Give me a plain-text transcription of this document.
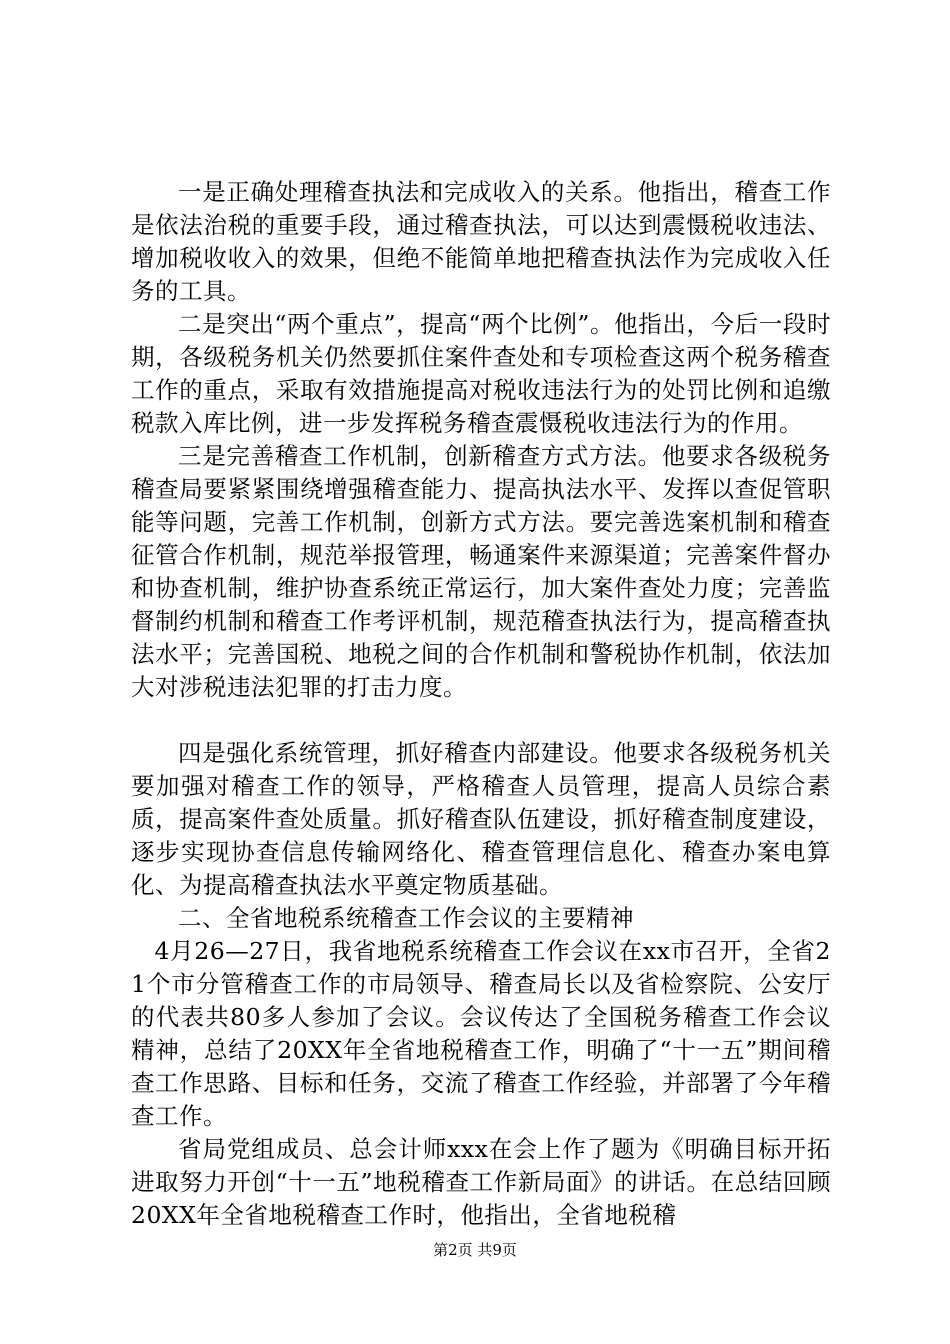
一是正确处理稽查执法和完成收入的关系。他指出，稽查工作是依法治税的重要手段，通过稽查执法，可以达到震慑税收违法、增加税收收入的效果，但绝不能简单地把稽查执法作为完成收入任务的工具。

二是突出“两个重点”，提高“两个比例”。他指出，今后一段时期，各级税务机关仍然要抓住案件查处和专项检查这两个税务稽查工作的重点，采取有效措施提高对税收违法行为的处罚比例和追缴税款入库比例，进一步发挥税务稽查震慑税收违法行为的作用。

三是完善稽查工作机制，创新稽查方式方法。他要求各级税务稽查局要紧紧围绕增强稽查能力、提高执法水平、发挥以查促管职能等问题，完善工作机制，创新方式方法。要完善选案机制和稽查征管合作机制，规范举报管理，畅通案件来源渠道；完善案件督办和协查机制，维护协查系统正常运行，加大案件查处力度；完善监督制约机制和稽查工作考评机制，规范稽查执法行为，提高稽查执法水平；完善国税、地税之间的合作机制和警税协作机制，依法加大对涉税违法犯罪的打击力度。

四是强化系统管理，抓好稽查内部建设。他要求各级税务机关要加强对稽查工作的领导，严格稽查人员管理，提高人员综合素质，提高案件查处质量。抓好稽查队伍建设，抓好稽查制度建设，逐步实现协查信息传输网络化、稽查管理信息化、稽查办案电算化、为提高稽查执法水平奠定物质基础。

二、全省地税系统稽查工作会议的主要精神

4月26—27日，我省地税系统稽查工作会议在xx市召开，全省21个市分管稽查工作的市局领导、稽查局长以及省检察院、公安厅的代表共80多人参加了会议。会议传达了全国税务稽查工作会议精神，总结了20XX年全省地税稽查工作，明确了“十一五”期间稽查工作思路、目标和任务，交流了稽查工作经验，并部署了今年稽查工作。

省局党组成员、总会计师xxx在会上作了题为《明确目标开拓进取努力开创“十一五”地税稽查工作新局面》的讲话。在总结回顾20XX年全省地税稽查工作时，他指出，全省地税稽

第2页 共9页
